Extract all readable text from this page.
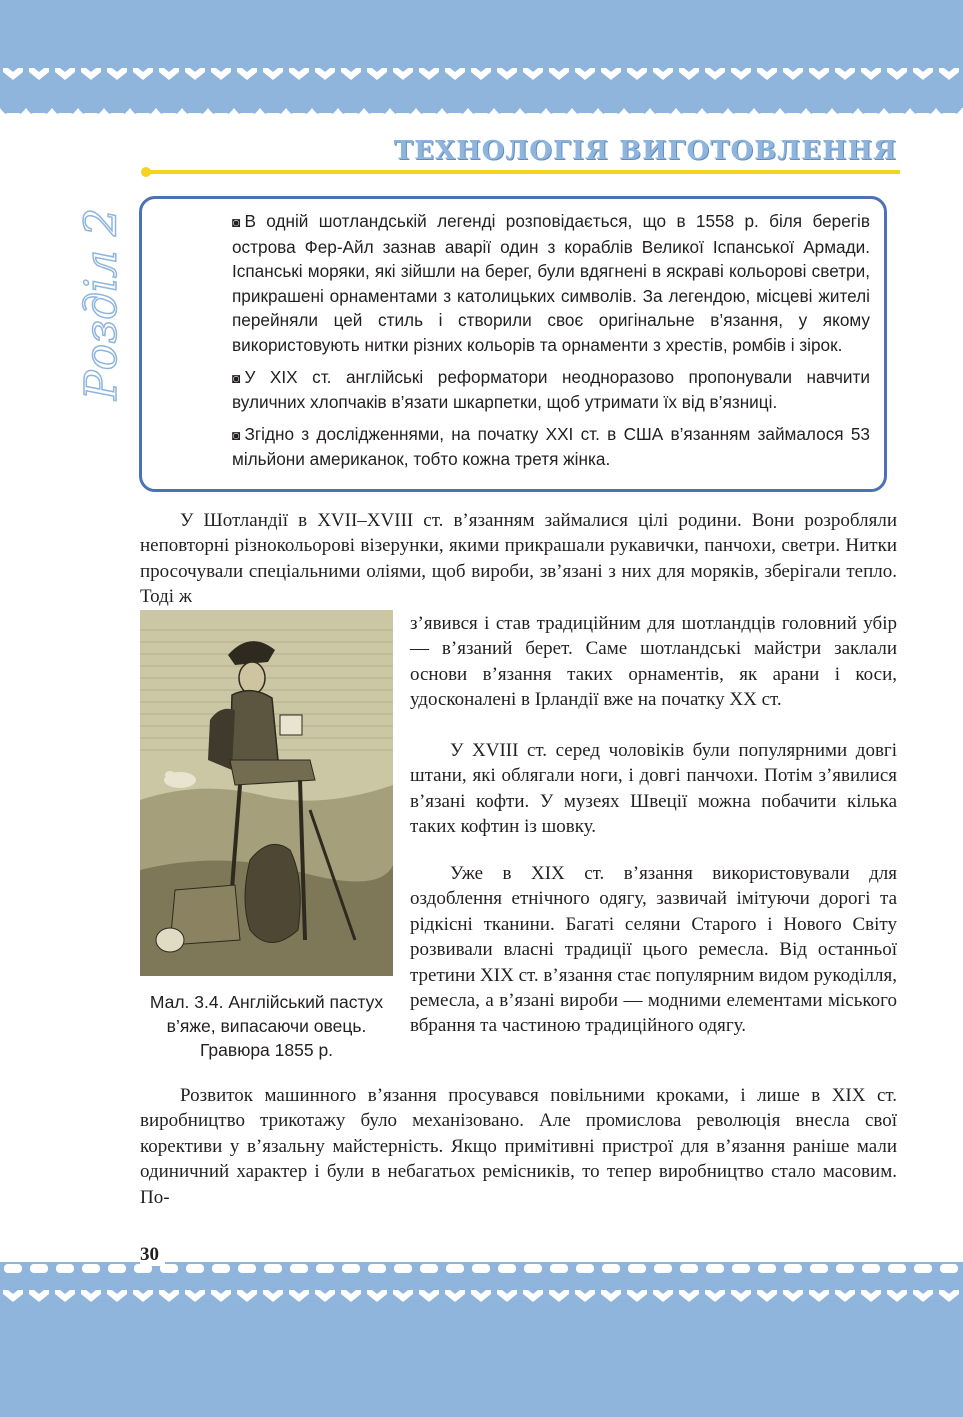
ТЕХНОЛОГІЯ ВИГОТОВЛЕННЯ
Розділ 2	◙ В одній шотландській легенді розповідається, що в 1558 р. біля берегів острова Фер-Айл зазнав аварії один з кораблів Великої Іспанської Армади. Іспанські моряки, які зійшли на берег, були вдягнені в яскраві кольорові светри, прикрашені орнаментами з католицьких символів. За легендою, місцеві жителі перейняли цей стиль і створили своє оригінальне в’язання, у якому використовують нитки різних кольорів та орнаменти з хрестів, ромбів і зірок.

◙ У XIX ст. англійські реформатори неодноразово пропонували навчити вуличних хлопчаків в’язати шкарпетки, щоб утримати їх від в’язниці.

◙ Згідно з дослідженнями, на початку XXI ст. в США в’язанням займалося 53 мільйони американок, тобто кожна третя жінка.

У Шотландії в XVII–XVIII ст. в’язанням займалися цілі родини. Вони розробляли неповторні різнокольорові візерунки, якими прикрашали рукавички, панчохи, светри. Нитки просочували спеціальними оліями, щоб вироби, зв’язані з них для моряків, зберігали тепло. Тоді ж

Мал. 3.4. Англійський пастух в’яже, випасаючи овець. Гравюра 1855 р.

з’явився і став традиційним для шотландців головний убір — в’язаний берет. Саме шотландські майстри заклали основи в’язання таких орнаментів, як арани і коси, удосконалені в Ірландії вже на початку XX ст.

У XVIII ст. серед чоловіків були популярними довгі штани, які облягали ноги, і довгі панчохи. Потім з’явилися в’язані кофти. У музеях Швеції можна побачити кілька таких кофтин із шовку.

Уже в XIX ст. в’язання використовували для оздоблення етнічного одягу, зазвичай імітуючи дорогі та рідкісні тканини. Багаті селяни Старого і Нового Світу розвивали власні традиції цього ремесла. Від останньої третини XIX ст. в’язання стає популярним видом рукоділля, ремесла, а в’язані вироби — модними елементами міського вбрання та частиною традиційного одягу.

Розвиток машинного в’язання просувався повільними кроками, і лише в XIX ст. виробництво трикотажу було механізовано. Але промислова революція внесла свої корективи у в’язальну майстерність. Якщо примітивні пристрої для в’язання раніше мали одиничний характер і були в небагатьох ремісників, то тепер виробництво стало масовим. По-

30
